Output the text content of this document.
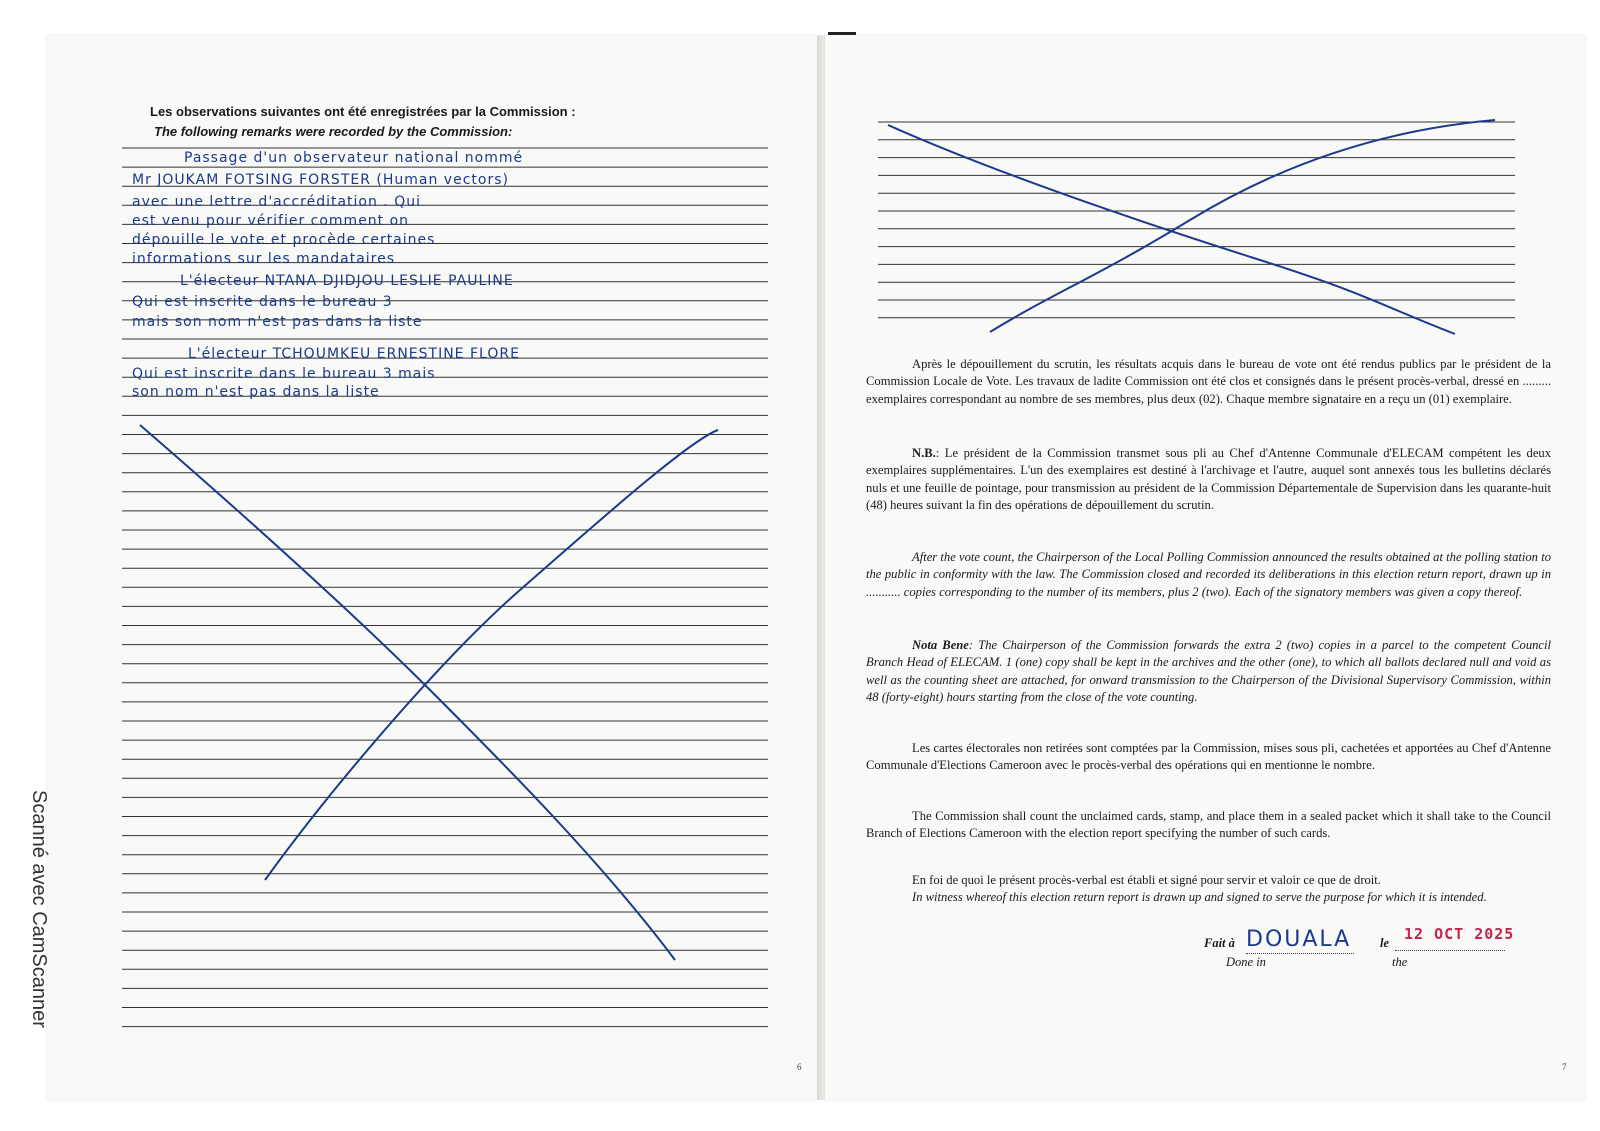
Les observations suivantes ont été enregistrées par la Commission :
The following remarks were recorded by the Commission:
Passage d'un observateur national nommé
Mr JOUKAM FOTSING FORSTER (Human vectors)
avec une lettre d'accréditation . Qui
est venu pour vérifier comment on
dépouille le vote et procède certaines
informations sur les mandataires
L'électeur NTANA DJIDJOU LESLIE PAULINE
Qui est inscrite dans le bureau 3
mais son nom n'est pas dans la liste
L'électeur TCHOUMKEU ERNESTINE FLORE
Qui est inscrite dans le bureau 3 mais
son nom n'est pas dans la liste
6

Après le dépouillement du scrutin, les résultats acquis dans le bureau de vote ont été rendus publics par le président de la Commission Locale de Vote. Les travaux de ladite Commission ont été clos et consignés dans le présent procès-verbal, dressé en ......... exemplaires correspondant au nombre de ses membres, plus deux (02). Chaque membre signataire en a reçu un (01) exemplaire.

N.B.: Le président de la Commission transmet sous pli au Chef d'Antenne Communale d'ELECAM compétent les deux exemplaires supplémentaires. L'un des exemplaires est destiné à l'archivage et l'autre, auquel sont annexés tous les bulletins déclarés nuls et une feuille de pointage, pour transmission au président de la Commission Départementale de Supervision dans les quarante-huit (48) heures suivant la fin des opérations de dépouillement du scrutin.

After the vote count, the Chairperson of the Local Polling Commission announced the results obtained at the polling station to the public in conformity with the law. The Commission closed and recorded its deliberations in this election return report, drawn up in ........... copies corresponding to the number of its members, plus 2 (two). Each of the signatory members was given a copy thereof.

Nota Bene: The Chairperson of the Commission forwards the extra 2 (two) copies in a parcel to the competent Council Branch Head of ELECAM. 1 (one) copy shall be kept in the archives and the other (one), to which all ballots declared null and void as well as the counting sheet are attached, for onward transmission to the Chairperson of the Divisional Supervisory Commission, within 48 (forty-eight) hours starting from the close of the vote counting.

Les cartes électorales non retirées sont comptées par la Commission, mises sous pli, cachetées et apportées au Chef d'Antenne Communale d'Elections Cameroon avec le procès-verbal des opérations qui en mentionne le nombre.

The Commission shall count the unclaimed cards, stamp, and place them in a sealed packet which it shall take to the Council Branch of Elections Cameroon with the election report specifying the number of such cards.

En foi de quoi le présent procès-verbal est établi et signé pour servir et valoir ce que de droit.

In witness whereof this election return report is drawn up and signed to serve the purpose for which it is intended.

Fait à
Done in
DOUALA le
the
12 OCT 2025
7
Scanné avec CamScanner
